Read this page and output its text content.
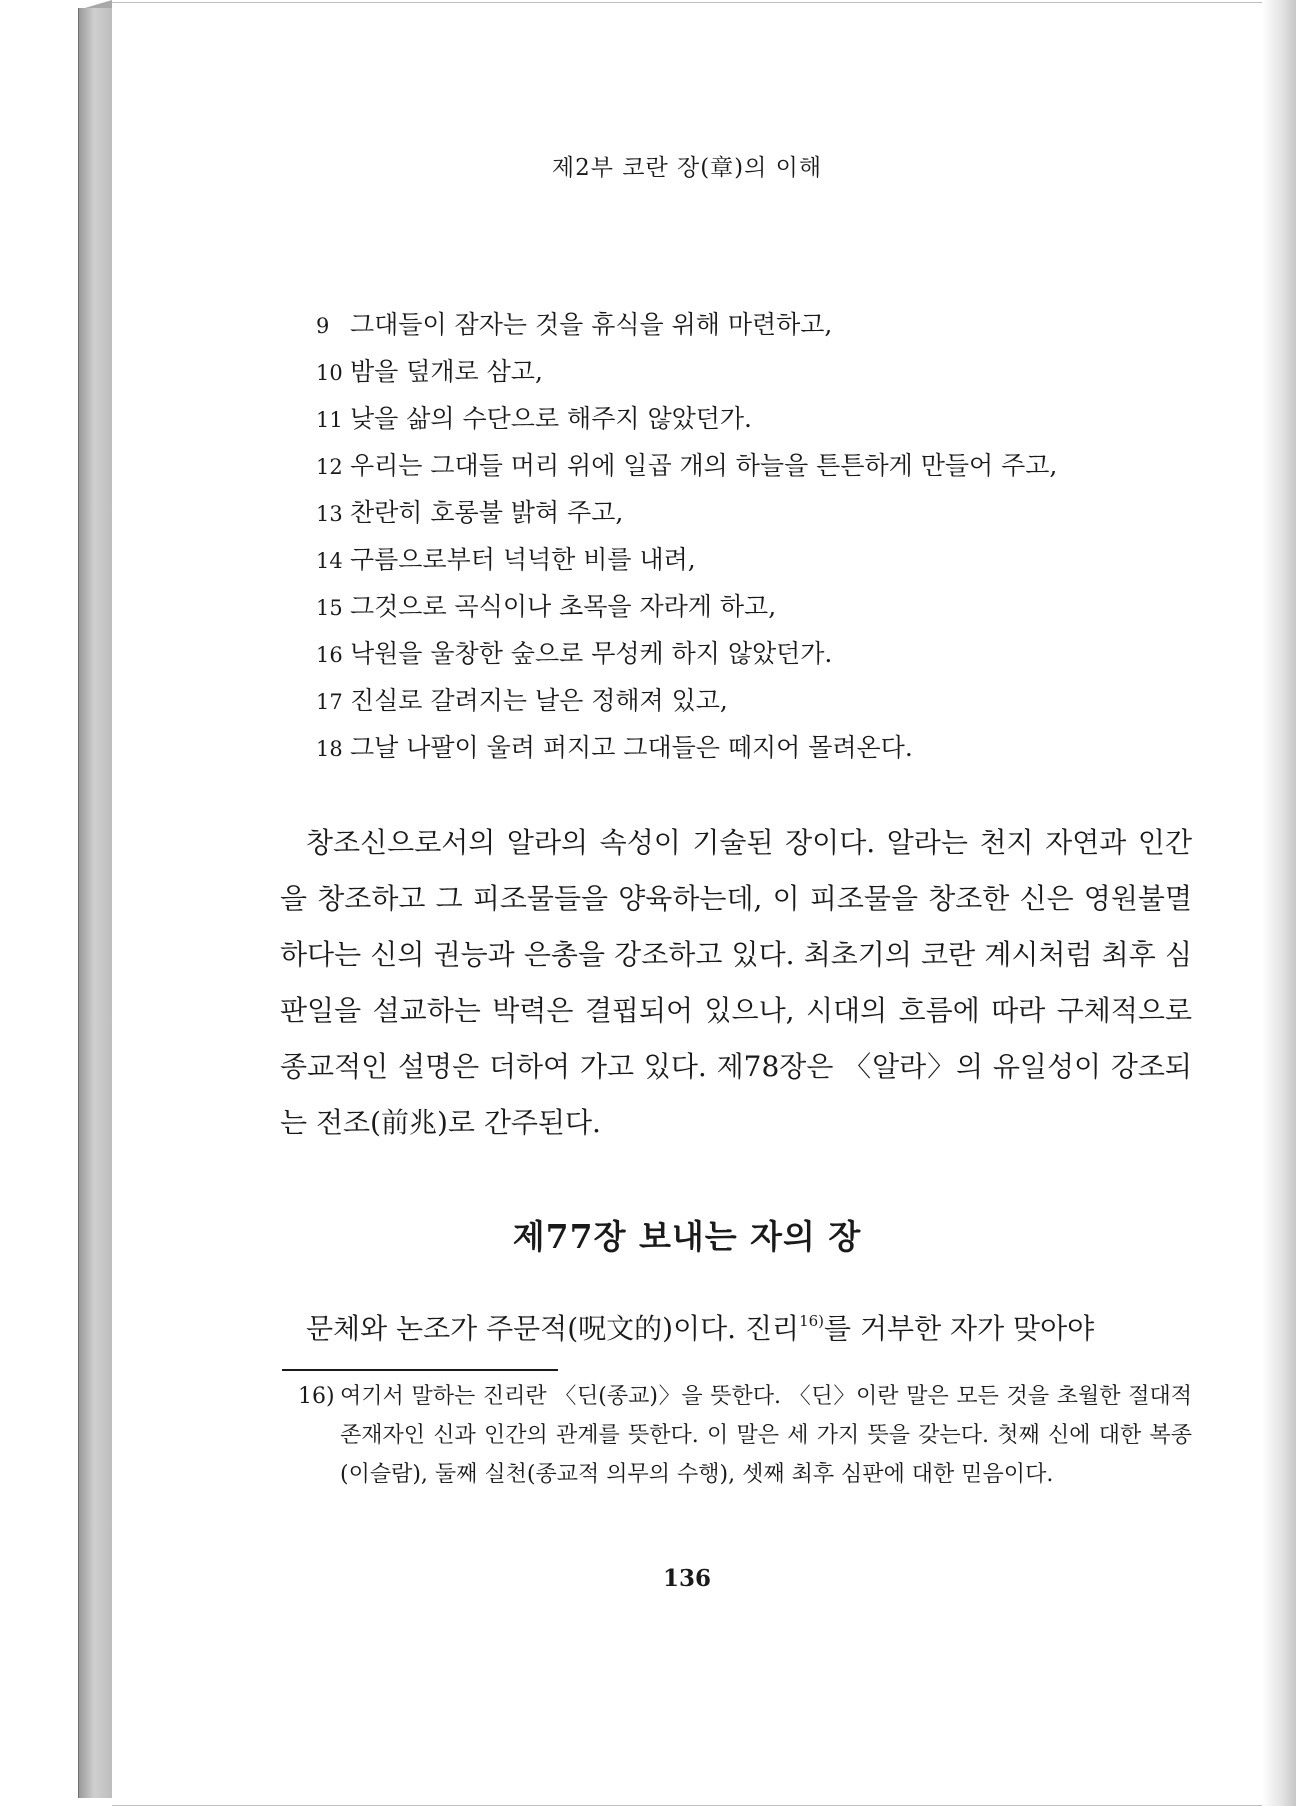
제2부 코란 장(章)의 이해
9 그대들이 잠자는 것을 휴식을 위해 마련하고,
10 밤을 덮개로 삼고,
11 낮을 삶의 수단으로 해주지 않았던가.
12 우리는 그대들 머리 위에 일곱 개의 하늘을 튼튼하게 만들어 주고,
13 찬란히 호롱불 밝혀 주고,
14 구름으로부터 넉넉한 비를 내려,
15 그것으로 곡식이나 초목을 자라게 하고,
16 낙원을 울창한 숲으로 무성케 하지 않았던가.
17 진실로 갈려지는 날은 정해져 있고,
18 그날 나팔이 울려 퍼지고 그대들은 떼지어 몰려온다.
창조신으로서의 알라의 속성이 기술된 장이다. 알라는 천지 자연과 인간을 창조하고 그 피조물들을 양육하는데, 이 피조물을 창조한 신은 영원불멸하다는 신의 권능과 은총을 강조하고 있다. 최초기의 코란 계시처럼 최후 심판일을 설교하는 박력은 결핍되어 있으나, 시대의 흐름에 따라 구체적으로 종교적인 설명은 더하여 가고 있다. 제78장은 〈알라〉의 유일성이 강조되는 전조(前兆)로 간주된다.
제77장 보내는 자의 장
문체와 논조가 주문적(呪文的)이다. 진리$^{16)}$를 거부한 자가 맞아야
16) 여기서 말하는 진리란 〈딘(종교)〉을 뜻한다. 〈딘〉이란 말은 모든 것을 초월한 절대적 존재자인 신과 인간의 관계를 뜻한다. 이 말은 세 가지 뜻을 갖는다. 첫째 신에 대한 복종(이슬람), 둘째 실천(종교적 의무의 수행), 셋째 최후 심판에 대한 믿음이다.
136
